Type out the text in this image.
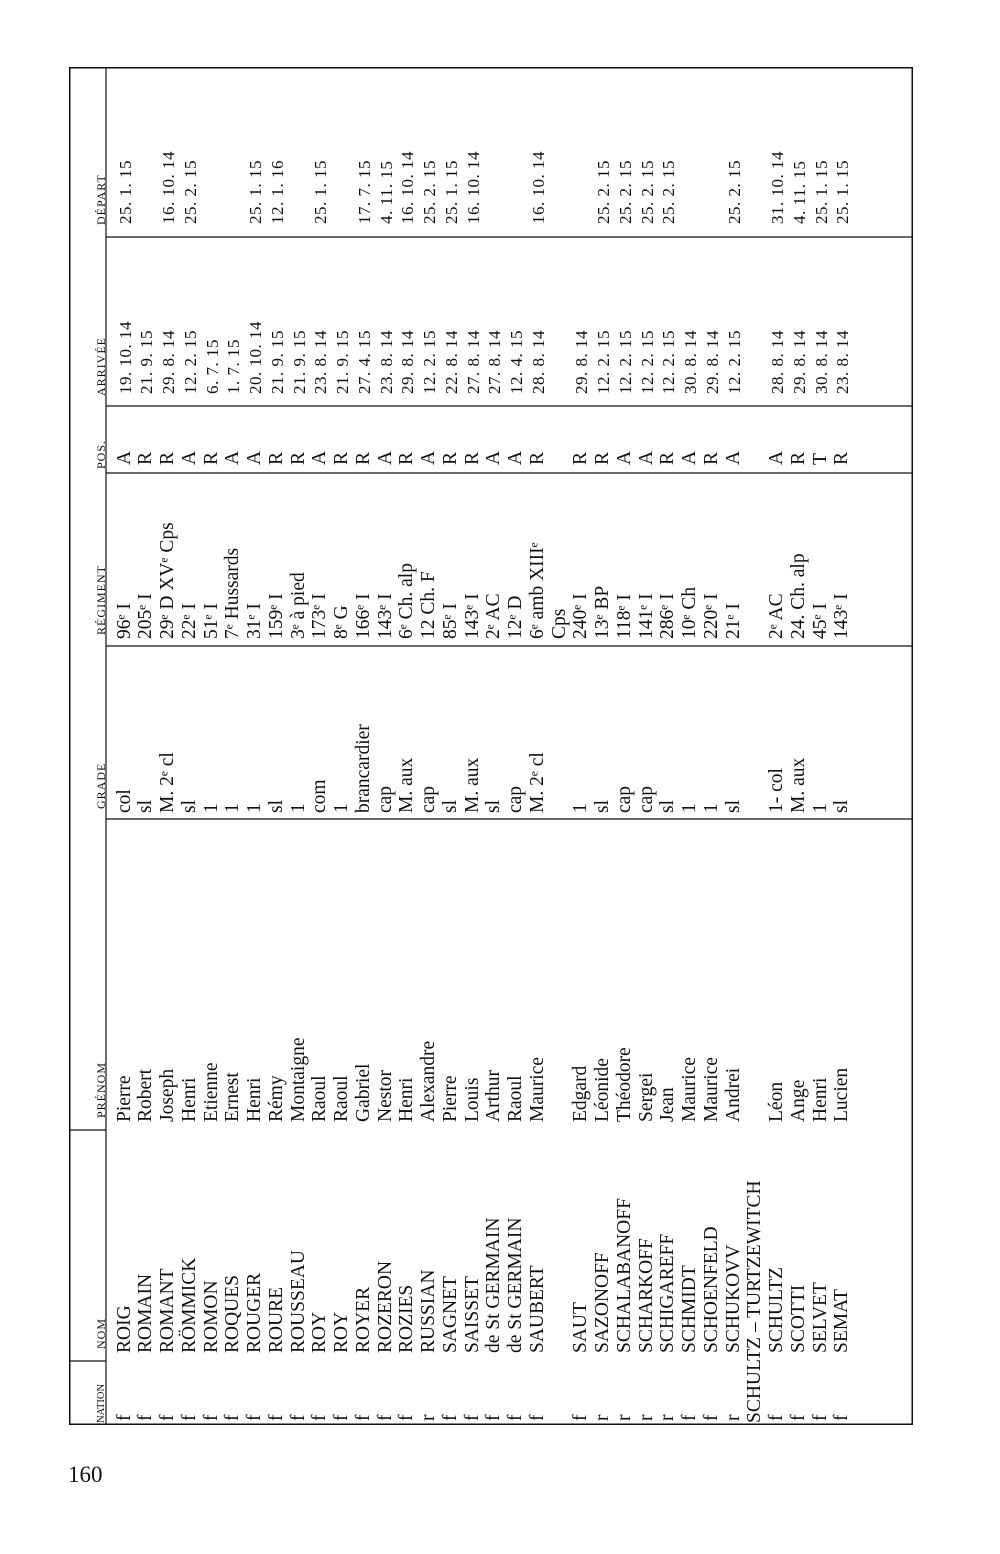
NATION
NOM
PRÉNOM
GRADE
RÉGIMENT
POS.
ARRIVÉE
DÉPART
f
ROIG
Pierre
col
96ᵉ I
A
19. 10. 14
25. 1. 15
f
ROMAIN
Robert
sl
205ᵉ I
R
21. 9. 15
f
ROMANT
Joseph
M. 2ᵉ cl
29ᵉ D XVᵉ Cps
R
29. 8. 14
16. 10. 14
f
RÖMMICK
Henri
sl
22ᵉ I
A
12. 2. 15
25. 2. 15
f
ROMON
Etienne
1
51ᵉ I
R
6. 7. 15
f
ROQUES
Ernest
1
7ᵉ Hussards
A
1. 7. 15
f
ROUGER
Henri
1
31ᵉ I
A
20. 10. 14
25. 1. 15
f
ROURE
Rémy
sl
159ᵉ I
R
21. 9. 15
12. 1. 16
f
ROUSSEAU
Montaigne
1
3ᵉ à pied
R
21. 9. 15
f
ROY
Raoul
com
173ᵉ I
A
23. 8. 14
25. 1. 15
f
ROY
Raoul
1
8ᵉ G
R
21. 9. 15
f
ROYER
Gabriel
brancardier
166ᵉ I
R
27. 4. 15
17. 7. 15
f
ROZERON
Nestor
cap
143ᵉ I
A
23. 8. 14
4. 11. 15
f
ROZIES
Henri
M. aux
6ᵉ Ch. alp
R
29. 8. 14
16. 10. 14
r
RUSSIAN
Alexandre
cap
12 Ch. F
A
12. 2. 15
25. 2. 15
f
SAGNET
Pierre
sl
85ᵉ I
R
22. 8. 14
25. 1. 15
f
SAISSET
Louis
M. aux
143ᵉ I
R
27. 8. 14
16. 10. 14
f
de St GERMAIN
Arthur
sl
2ᵉ AC
A
27. 8. 14
f
de St GERMAIN
Raoul
cap
12ᵉ D
A
12. 4. 15
f
SAUBERT
Maurice
M. 2ᵉ cl
6ᵉ amb XIIIᵉ
R
28. 8. 14
16. 10. 14
Cps
f
SAUT
Edgard
1
240ᵉ I
R
29. 8. 14
r
SAZONOFF
Léonide
sl
13ᵉ BP
R
12. 2. 15
25. 2. 15
r
SCHALABANOFF
Théodore
cap
118ᵉ I
A
12. 2. 15
25. 2. 15
r
SCHARKOFF
Sergei
cap
141ᵉ I
A
12. 2. 15
25. 2. 15
r
SCHIGAREFF
Jean
sl
286ᵉ I
R
12. 2. 15
25. 2. 15
f
SCHMIDT
Maurice
1
10ᵉ Ch
A
30. 8. 14
f
SCHOENFELD
Maurice
1
220ᵉ I
R
29. 8. 14
r
SCHUKOVV
Andrei
sl
21ᵉ I
A
12. 2. 15
25. 2. 15
SCHULTZ – TURTZEWITCH f
SCHULTZ
Léon
1- col
2ᵉ AC
A
28. 8. 14
31. 10. 14
f
SCOTTI
Ange
M. aux
24. Ch. alp
R
29. 8. 14
4. 11. 15
f
SELVET
Henri
1
45ᵉ I
T
30. 8. 14
25. 1. 15
f
SEMAT
Lucien
sl
143ᵉ I
R
23. 8. 14
25. 1. 15
160
